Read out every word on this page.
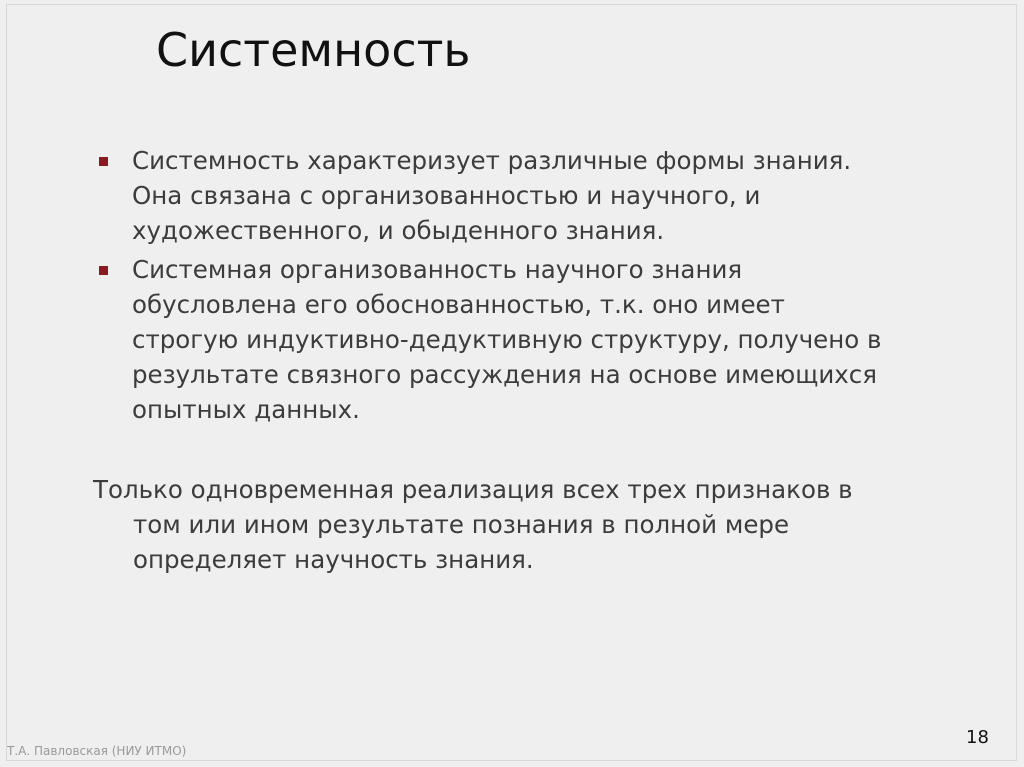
Системность
Системность характеризует различные формы знания.
Она связана с организованностью и научного, и
художественного, и обыденного знания.
Системная организованность научного знания
обусловлена его обоснованностью, т.к. оно имеет
строгую индуктивно-дедуктивную структуру, получено в
результате связного рассуждения на основе имеющихся
опытных данных.
Только одновременная реализация всех трех признаков в
том или ином результате познания в полной мере
определяет научность знания.
Т.А. Павловская (НИУ ИТМО)
18
